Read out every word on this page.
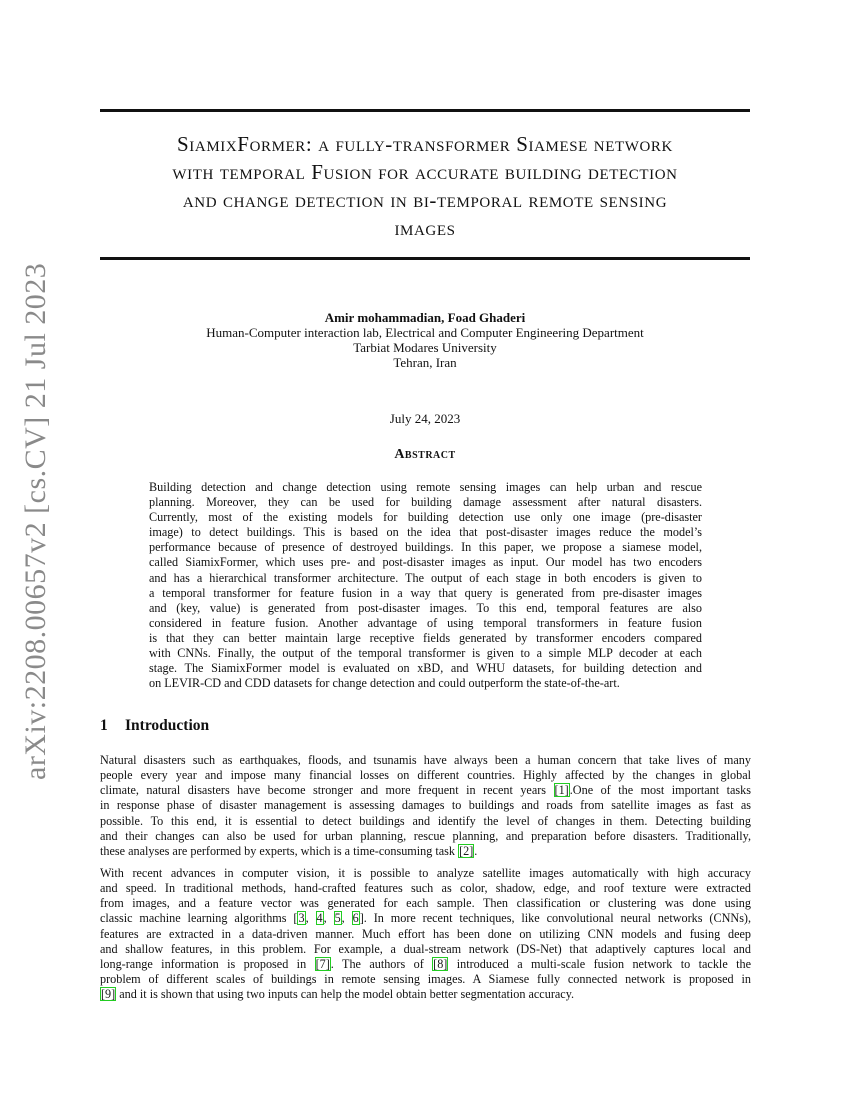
arXiv:2208.00657v2 [cs.CV] 21 Jul 2023
SiamixFormer: a fully-transformer Siamese network
with temporal Fusion for accurate building detection
and change detection in bi-temporal remote sensing
images
Amir mohammadian, Foad Ghaderi
Human-Computer interaction lab, Electrical and Computer Engineering Department
Tarbiat Modares University
Tehran, Iran
July 24, 2023
Abstract
Building detection and change detection using remote sensing images can help urban and rescue
planning. Moreover, they can be used for building damage assessment after natural disasters.
Currently, most of the existing models for building detection use only one image (pre-disaster
image) to detect buildings. This is based on the idea that post-disaster images reduce the model’s
performance because of presence of destroyed buildings. In this paper, we propose a siamese model,
called SiamixFormer, which uses pre- and post-disaster images as input. Our model has two encoders
and has a hierarchical transformer architecture. The output of each stage in both encoders is given to
a temporal transformer for feature fusion in a way that query is generated from pre-disaster images
and (key, value) is generated from post-disaster images. To this end, temporal features are also
considered in feature fusion. Another advantage of using temporal transformers in feature fusion
is that they can better maintain large receptive fields generated by transformer encoders compared
with CNNs. Finally, the output of the temporal transformer is given to a simple MLP decoder at each
stage. The SiamixFormer model is evaluated on xBD, and WHU datasets, for building detection and
on LEVIR-CD and CDD datasets for change detection and could outperform the state-of-the-art.
1 Introduction
Natural disasters such as earthquakes, floods, and tsunamis have always been a human concern that take lives of many
people every year and impose many financial losses on different countries. Highly affected by the changes in global
climate, natural disasters have become stronger and more frequent in recent years [1].One of the most important tasks
in response phase of disaster management is assessing damages to buildings and roads from satellite images as fast as
possible. To this end, it is essential to detect buildings and identify the level of changes in them. Detecting building
and their changes can also be used for urban planning, rescue planning, and preparation before disasters. Traditionally,
these analyses are performed by experts, which is a time-consuming task [2].
With recent advances in computer vision, it is possible to analyze satellite images automatically with high accuracy
and speed. In traditional methods, hand-crafted features such as color, shadow, edge, and roof texture were extracted
from images, and a feature vector was generated for each sample. Then classification or clustering was done using
classic machine learning algorithms [3, 4, 5, 6]. In more recent techniques, like convolutional neural networks (CNNs),
features are extracted in a data-driven manner. Much effort has been done on utilizing CNN models and fusing deep
and shallow features, in this problem. For example, a dual-stream network (DS-Net) that adaptively captures local and
long-range information is proposed in [7]. The authors of [8] introduced a multi-scale fusion network to tackle the
problem of different scales of buildings in remote sensing images. A Siamese fully connected network is proposed in
[9] and it is shown that using two inputs can help the model obtain better segmentation accuracy.
